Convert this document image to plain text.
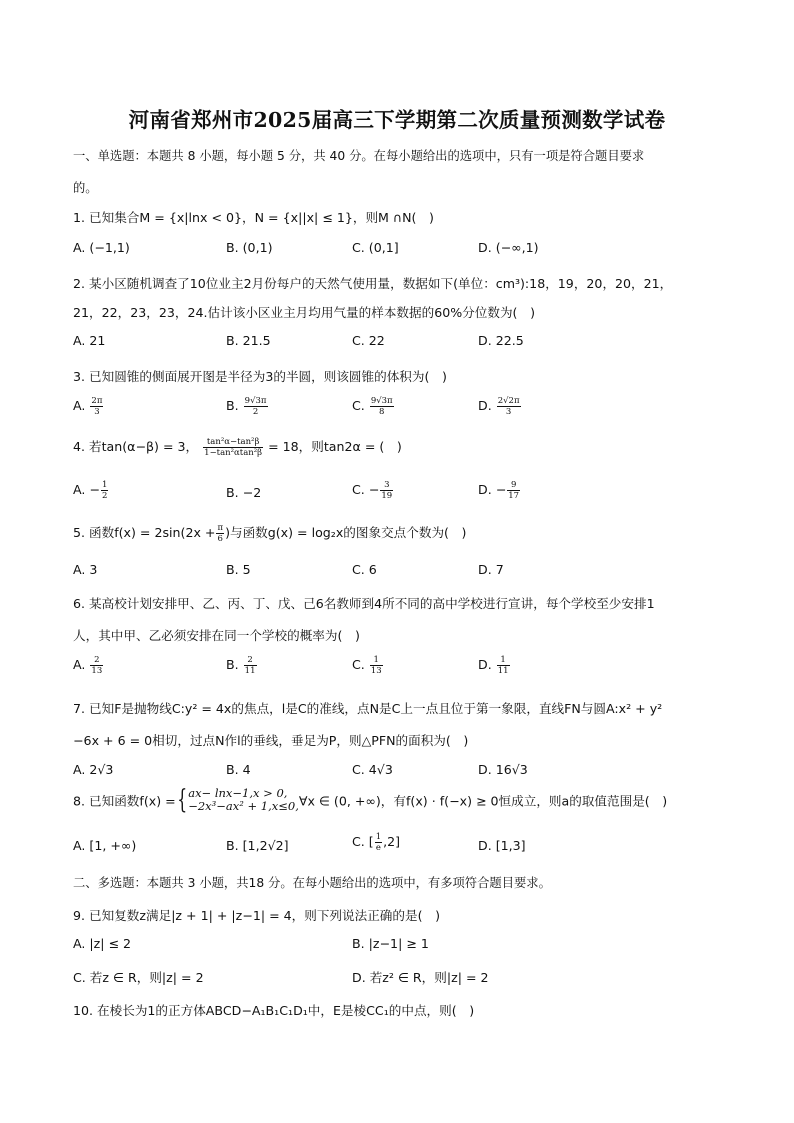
河南省郑州市2025届高三下学期第二次质量预测数学试卷
一、单选题：本题共 8 小题，每小题 5 分，共 40 分。在每小题给出的选项中，只有一项是符合题目要求
的。
1. 已知集合M = {x|lnx < 0}，N = {x||x| ≤ 1}，则M ∩N(　)
A. (−1,1)	B. (0,1)	C. (0,1]	D. (−∞,1)
2. 某小区随机调查了10位业主2月份每户的天然气使用量，数据如下(单位：cm³):18，19，20，20，21，
21，22，23，23，24.估计该小区业主月均用气量的样本数据的60%分位数为(　)
A. 21	B. 21.5	C. 22	D. 22.5
3. 已知圆锥的侧面展开图是半径为3的半圆，则该圆锥的体积为(　)
A. $\frac{2\pi}{3}$	B. $\frac{9√3\pi}{2}$	C. $\frac{9√3\pi}{8}$	D. $\frac{2√2\pi}{3}$
4. 若tan(α−β) = 3， $\frac{\text{tan²α−tan²β}}{\text{1−tan²αtan²β}} = 18$，则tan2α = (　)
A. − $\frac{1}{2}$	B. −2	C. − $\frac{3}{19}$	D. − $\frac{9}{17}$
5. 函数$f(x) = 2\sin(2x + \frac{\pi}{6}$ )与函数g(x) = log₂x的图象交点个数为(　)
A. 3	B. 5	C. 6	D. 7
6. 某高校计划安排甲、乙、丙、丁、戊、己6名教师到4所不同的高中学校进行宣讲，每个学校至少安排1
人，其中甲、乙必须安排在同一个学校的概率为(　)
A. $\frac{2}{13}$	B. $\frac{2}{11}$	C. $\frac{1}{13}$	D. $\frac{1}{11}$
7. 已知F是抛物线C:y² = 4x的焦点，l是C的准线，点N是C上一点且位于第一象限，直线FN与圆A:x² + y²
−6x + 6 = 0相切，过点N作l的垂线，垂足为P，则△PFN的面积为(　)
A. 2√3	B. 4	C. 4√3	D. 16√3
8. 已知函数f(x) ={ ax− lnx−1,x > 0,
−2x³−ax² + 1,x≤0, ∀x ∈ (0, +∞)，有f(x) · f(−x) ≥ 0恒成立，则a的取值范围是(　)
A. [1, +∞)	B. [1,2√2]	C. [ $\frac{1}{e} ,2$]	D. [1,3]
二、多选题：本题共 3 小题，共18 分。在每小题给出的选项中，有多项符合题目要求。
9. 已知复数z满足|z + 1| + |z−1| = 4，则下列说法正确的是(　)
A. |z| ≤ 2	B. |z−1| ≥ 1
C. 若z ∈ R，则|z| = 2	D. 若z² ∈ R，则|z| = 2
10. 在棱长为1的正方体ABCD−A₁B₁C₁D₁中，E是棱CC₁的中点，则(　)
